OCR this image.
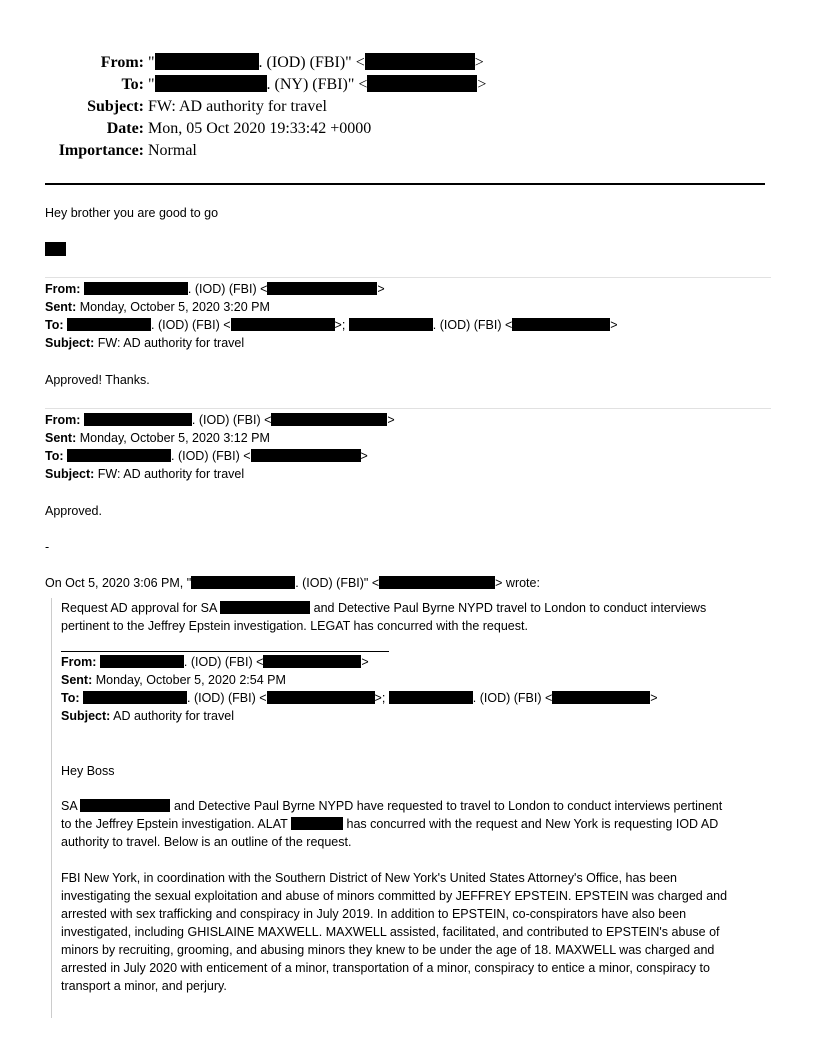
From: "	. (IOD) (FBI)" <	>
To: "	. (NY) (FBI)" <	>
Subject: FW: AD authority for travel
Date: Mon, 05 Oct 2020 19:33:42 +0000
Importance: Normal
Hey brother you are good to go
From:	. (IOD) (FBI) <	>
Sent: Monday, October 5, 2020 3:20 PM
To:	. (IOD) (FBI) <	>;	. (IOD) (FBI) <	>
Subject: FW: AD authority for travel
Approved! Thanks.
From:	. (IOD) (FBI) <	>
Sent: Monday, October 5, 2020 3:12 PM
To:	. (IOD) (FBI) <	>
Subject: FW: AD authority for travel
Approved.
-
On Oct 5, 2020 3:06 PM, "	. (IOD) (FBI)" <	> wrote:
Request AD approval for SA	and Detective Paul Byrne NYPD travel to London to conduct interviews
pertinent to the Jeffrey Epstein investigation. LEGAT has concurred with the request.
From:	. (IOD) (FBI) <	>
Sent: Monday, October 5, 2020 2:54 PM
To:	. (IOD) (FBI) <	>;	. (IOD) (FBI) <	>
Subject: AD authority for travel
Hey Boss
SA	and Detective Paul Byrne NYPD have requested to travel to London to conduct interviews pertinent
to the Jeffrey Epstein investigation. ALAT	has concurred with the request and New York is requesting IOD AD
authority to travel. Below is an outline of the request.
FBI New York, in coordination with the Southern District of New York's United States Attorney's Office, has been
investigating the sexual exploitation and abuse of minors committed by JEFFREY EPSTEIN. EPSTEIN was charged and
arrested with sex trafficking and conspiracy in July 2019. In addition to EPSTEIN, co-conspirators have also been
investigated, including GHISLAINE MAXWELL. MAXWELL assisted, facilitated, and contributed to EPSTEIN's abuse of
minors by recruiting, grooming, and abusing minors they knew to be under the age of 18. MAXWELL was charged and
arrested in July 2020 with enticement of a minor, transportation of a minor, conspiracy to entice a minor, conspiracy to
transport a minor, and perjury.
